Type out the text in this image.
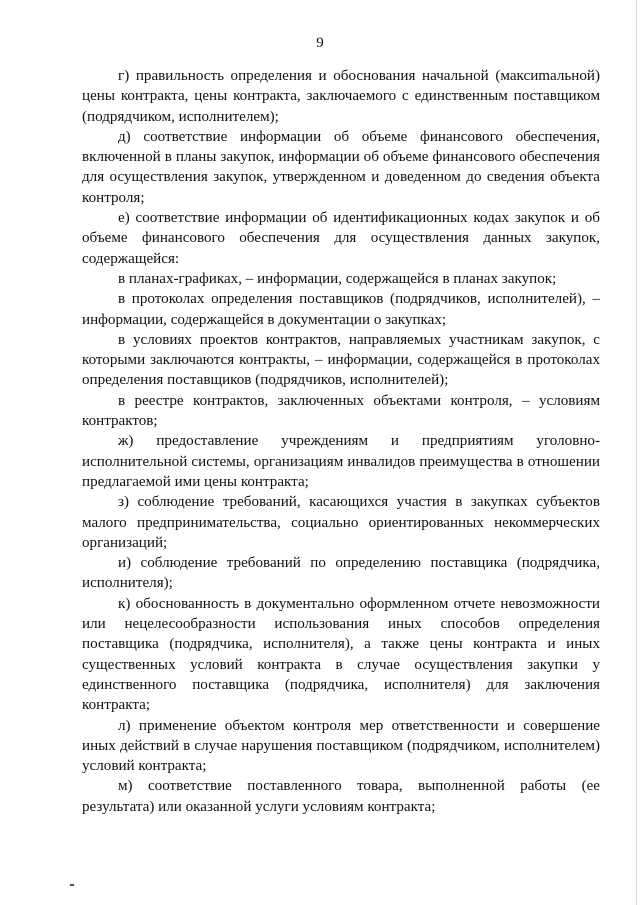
9

г) правильность определения и обоснования начальной (максиmальной) цены контракта, цены контракта, заключаемого с единственным поставщиком (подрядчиком, исполнителем);

д) соответствие информации об объеме финансового обеспечения, включенной в планы закупок, информации об объеме финансового обеспечения для осуществления закупок, утвержденном и доведенном до сведения объекта контроля;

е) соответствие информации об идентификационных кодах закупок и об объеме финансового обеспечения для осуществления данных закупок, содержащейся:

в планах-графиках, – информации, содержащейся в планах закупок;

в протоколах определения поставщиков (подрядчиков, исполнителей), – информации, содержащейся в документации о закупках;

в условиях проектов контрактов, направляемых участникам закупок, с которыми заключаются контракты, – информации, содержащейся в протоколах определения поставщиков (подрядчиков, исполнителей);

в реестре контрактов, заключенных объектами контроля, – условиям контрактов;

ж) предоставление учреждениям и предприятиям уголовно-исполнительной системы, организациям инвалидов преимущества в отношении предлагаемой ими цены контракта;

з) соблюдение требований, касающихся участия в закупках субъектов малого предпринимательства, социально ориентированных некоммерческих организаций;

и) соблюдение требований по определению поставщика (подрядчика, исполнителя);

к) обоснованность в документально оформленном отчете невозможности или нецелесообразности использования иных способов определения поставщика (подрядчика, исполнителя), а также цены контракта и иных существенных условий контракта в случае осуществления закупки у единственного поставщика (подрядчика, исполнителя) для заключения контракта;

л) применение объектом контроля мер ответственности и совершение иных действий в случае нарушения поставщиком (подрядчиком, исполнителем) условий контракта;

м) соответствие поставленного товара, выполненной работы (ее результата) или оказанной услуги условиям контракта;
